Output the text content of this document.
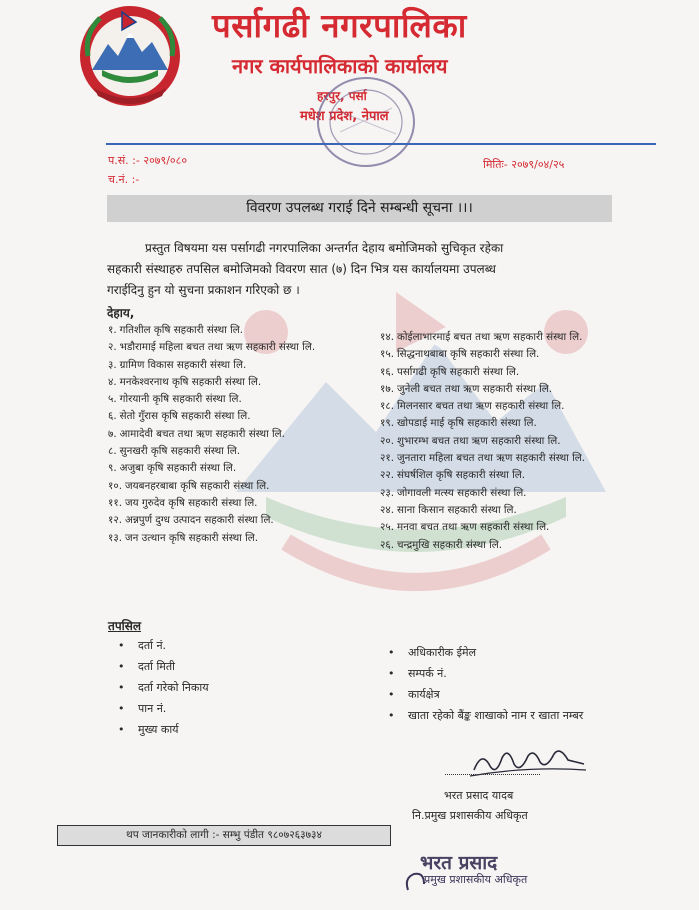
पर्सागढी नगरपालिका
नगर कार्यपालिकाको कार्यालय
हरपुर, पर्सा
मधेश प्रदेश, नेपाल
प.सं. :- २०७९/०८०
च.नं. :-
मितिः- २०७९/०४/२५
विवरण उपलब्ध गराई दिने सम्बन्धी सूचना ।।।
प्रस्तुत विषयमा यस पर्सागढी नगरपालिका अन्तर्गत देहाय बमोजिमको सुचिकृत रहेका
सहकारी संस्थाहरु तपसिल बमोजिमको विवरण सात (७) दिन भित्र यस कार्यालयमा उपलब्ध
गराईदिनु हुन यो सुचना प्रकाशन गरिएको छ ।
देहाय,
१. गतिशील कृषि सहकारी संस्था लि.
२. भडौरामाई महिला बचत तथा ऋण सहकारी संस्था लि.
३. ग्रामिण विकास सहकारी संस्था लि.
४. मनकेश्वरनाथ कृषि सहकारी संस्था लि.
५. गोरयानी कृषि सहकारी संस्था लि.
६. सेतो गुँरास कृषि सहकारी संस्था लि.
७. आमादेवी बचत तथा ऋण सहकारी संस्था लि.
८. सुनखरी कृषि सहकारी संस्था लि.
९. अजुबा कृषि सहकारी संस्था लि.
१०. जयबनहरबाबा कृषि सहकारी संस्था लि.
११. जय गुरुदेव कृषि सहकारी संस्था लि.
१२. अन्नपुर्ण दुग्ध उत्पादन सहकारी संस्था लि.
१३. जन उत्थान कृषि सहकारी संस्था लि.
१४. कोईलाभारमाई बचत तथा ऋण सहकारी संस्था लि.
१५. सिद्धनाथबाबा कृषि सहकारी संस्था लि.
१६. पर्सागढी कृषि सहकारी संस्था लि.
१७. जुनेली बचत तथा ऋण सहकारी संस्था लि.
१८. मिलनसार बचत तथा ऋण सहकारी संस्था लि.
१९. खोपडाई माई कृषि सहकारी संस्था लि.
२०. शुभारम्भ बचत तथा ऋण सहकारी संस्था लि.
२१. जुनतारा महिला बचत तथा ऋण सहकारी संस्था लि.
२२. संघर्षशिल कृषि सहकारी संस्था लि.
२३. जोगावली मत्स्य सहकारी संस्था लि.
२४. साना किसान सहकारी संस्था लि.
२५. मनवा बचत तथा ऋण सहकारी संस्था लि.
२६. चन्द्रमुखि सहकारी संस्था लि.
तपसिल
•	दर्ता नं.
•	दर्ता मिती
•	दर्ता गरेको निकाय
•	पान नं.
•	मुख्य कार्य
•	अधिकारीक ईमेल
•	सम्पर्क नं.
•	कार्यक्षेत्र
•	खाता रहेको बैंङ्क शाखाको नाम र खाता नम्बर
भरत प्रसाद यादब
नि.प्रमुख प्रशासकीय अधिकृत
थप जानकारीको लागी :- सम्भु पंडीत ९८०७२६३७३४
भरत प्रसाद
प्रमुख प्रशासकीय अधिकृत
